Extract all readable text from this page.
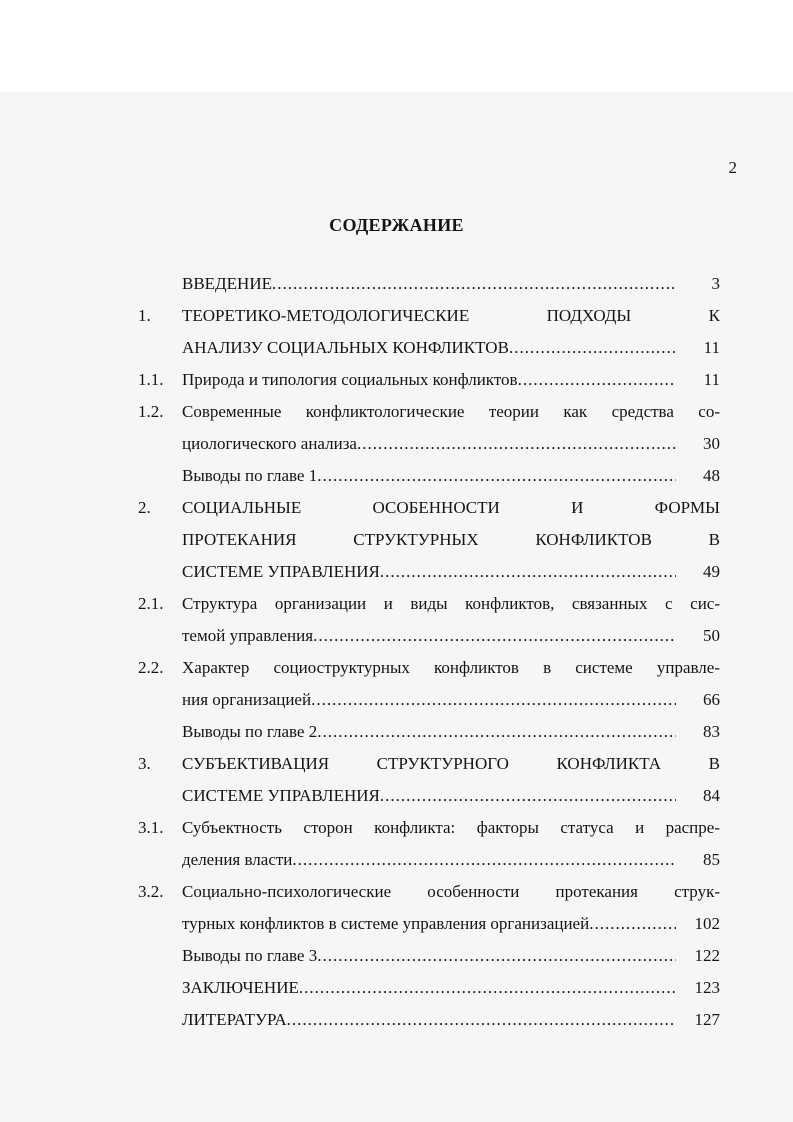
2
СОДЕРЖАНИЕ
ВВЕДЕНИЕ .....	3
1.	ТЕОРЕТИКО-МЕТОДОЛОГИЧЕСКИЕ ПОДХОДЫ К
АНАЛИЗУ СОЦИАЛЬНЫХ КОНФЛИКТОВ .....	11
1.1.	Природа и типология социальных конфликтов .....	11
1.2.	Современные конфликтологические теории как средства со-
циологического анализа .....	30
Выводы по главе 1 .....	48
2.	СОЦИАЛЬНЫЕ ОСОБЕННОСТИ И ФОРМЫ
ПРОТЕКАНИЯ СТРУКТУРНЫХ КОНФЛИКТОВ В
СИСТЕМЕ УПРАВЛЕНИЯ .....	49
2.1.	Структура организации и виды конфликтов, связанных с сис-
темой управления .....	50
2.2.	Характер социоструктурных конфликтов в системе управле-
ния организацией .....	66
Выводы по главе 2 .....	83
3.	СУБЪЕКТИВАЦИЯ СТРУКТУРНОГО КОНФЛИКТА В
СИСТЕМЕ УПРАВЛЕНИЯ .....	84
3.1.	Субъектность сторон конфликта: факторы статуса и распре-
деления власти .....	85
3.2.	Социально-психологические особенности протекания струк-
турных конфликтов в системе управления организацией .....	102
Выводы по главе 3 .....	122
ЗАКЛЮЧЕНИЕ .....	123
ЛИТЕРАТУРА .....	127
